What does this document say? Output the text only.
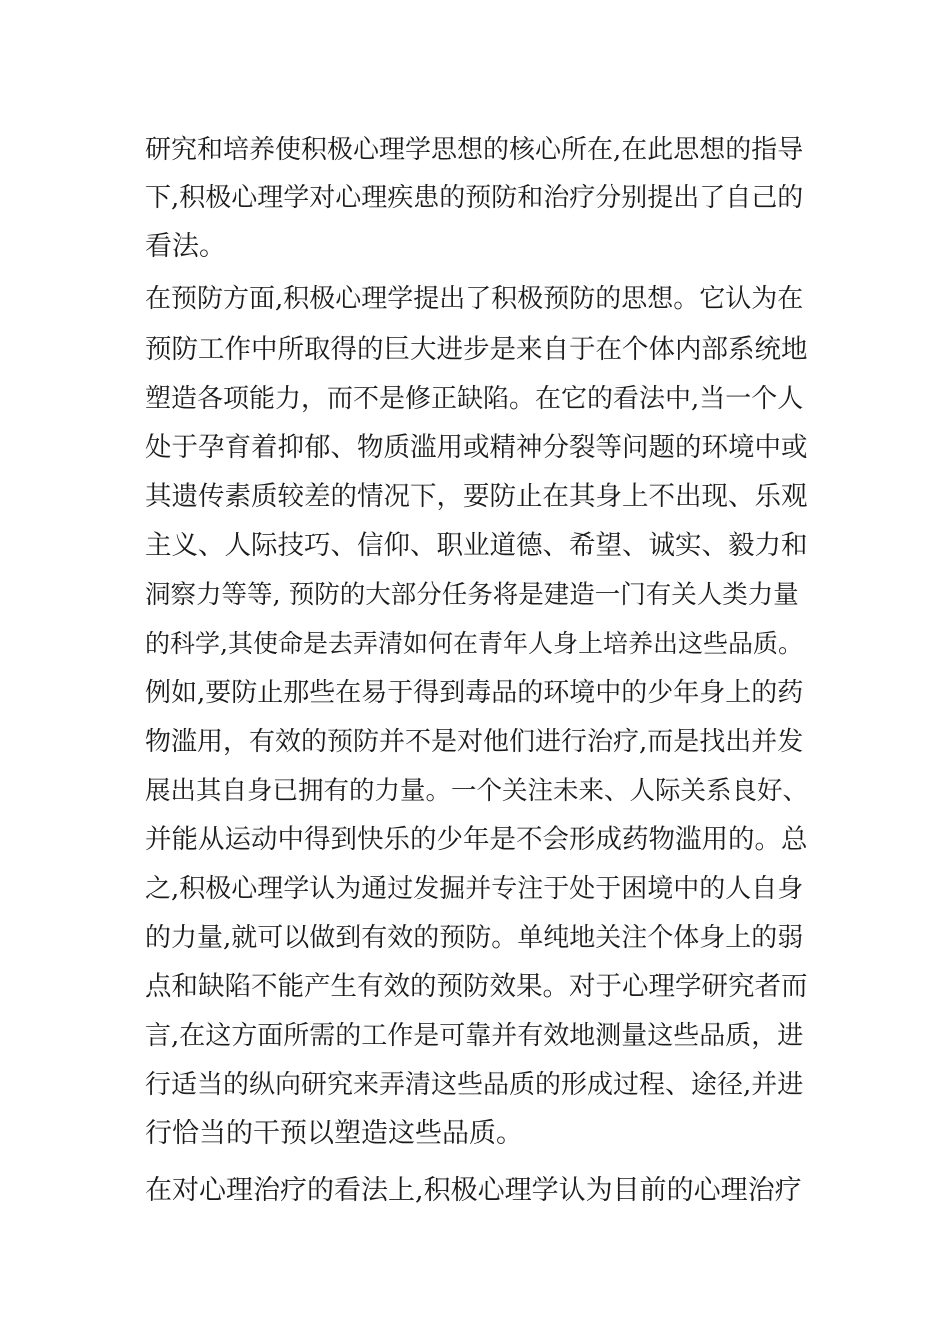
研究和培养使积极心理学思想的核心所在,在此思想的指导
下,积极心理学对心理疾患的预防和治疗分别提出了自己的
看法。
在预防方面,积极心理学提出了积极预防的思想。它认为在
预防工作中所取得的巨大进步是来自于在个体内部系统地
塑造各项能力，而不是修正缺陷。在它的看法中,当一个人
处于孕育着抑郁、物质滥用或精神分裂等问题的环境中或
其遗传素质较差的情况下，要防止在其身上不出现、乐观
主义、人际技巧、信仰、职业道德、希望、诚实、毅力和
洞察力等等, 预防的大部分任务将是建造一门有关人类力量
的科学,其使命是去弄清如何在青年人身上培养出这些品质。
例如,要防止那些在易于得到毒品的环境中的少年身上的药
物滥用，有效的预防并不是对他们进行治疗,而是找出并发
展出其自身已拥有的力量。一个关注未来、人际关系良好、
并能从运动中得到快乐的少年是不会形成药物滥用的。总
之,积极心理学认为通过发掘并专注于处于困境中的人自身
的力量,就可以做到有效的预防。单纯地关注个体身上的弱
点和缺陷不能产生有效的预防效果。对于心理学研究者而
言,在这方面所需的工作是可靠并有效地测量这些品质，进
行适当的纵向研究来弄清这些品质的形成过程、途径,并进
行恰当的干预以塑造这些品质。
在对心理治疗的看法上,积极心理学认为目前的心理治疗
